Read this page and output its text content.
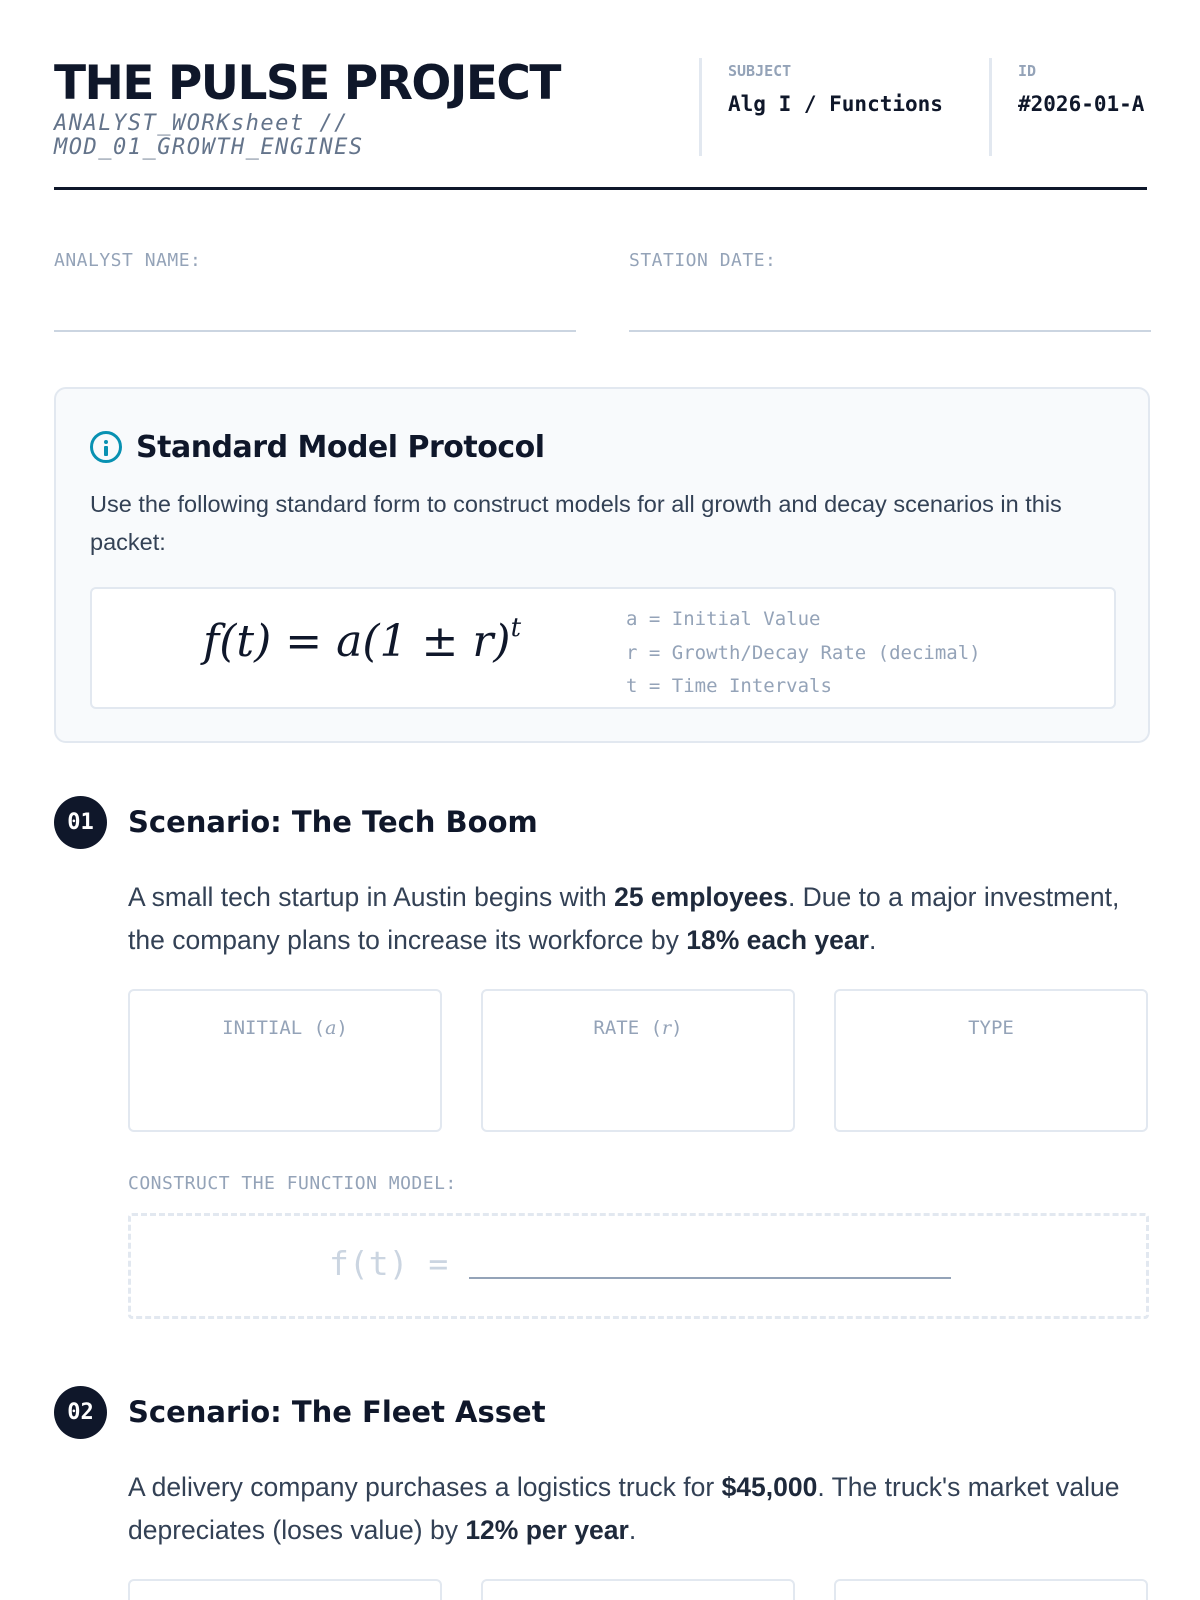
THE PULSE PROJECT
ANALYST_WORKsheet // MOD_01_GROWTH_ENGINES
SUBJECT
Alg I / Functions
ID
#2026-01-A
ANALYST NAME:	STATION DATE:
Standard Model Protocol
Use the following standard form to construct models for all growth and decay scenarios in this packet:
$f(t) = a(1 \pm r)^t$	a = Initial Value
r = Growth/Decay Rate (decimal)
t = Time Intervals
01	Scenario: The Tech Boom
A small tech startup in Austin begins with 25 employees. Due to a major investment, the company plans to increase its workforce by 18% each year.
INITIAL (a)	RATE (r)	TYPE
CONSTRUCT THE FUNCTION MODEL:
f(t) =
02	Scenario: The Fleet Asset
A delivery company purchases a logistics truck for $45,000. The truck's market value depreciates (loses value) by 12% per year.
